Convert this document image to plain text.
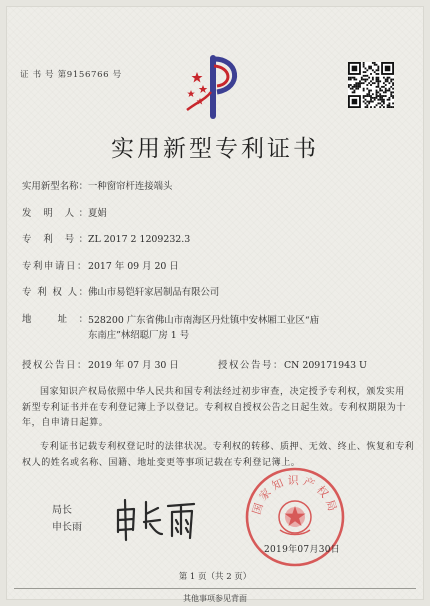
证 书 号 第9156766 号
实用新型专利证书
实用新型名称：一种窗帘杆连接端头
发 明 人：夏娟
专 利 号：ZL 2017 2 1209232.3
专利申请日：2017 年 09 月 20 日
专 利 权 人：佛山市易铠轩家居制品有限公司
地 址： 528200 广东省佛山市南海区丹灶镇中安林厢工业区“庙
东南庄”林绍聪厂房 1 号
授权公告日：2019 年 07 月 30 日	授权公告号：CN 209171943 U
国家知识产权局依照中华人民共和国专利法经过初步审查，决定授予专利权，颁发实用
新型专利证书并在专利登记簿上予以登记。专利权自授权公告之日起生效。专利权期限为十
年，自申请日起算。
专利证书记载专利权登记时的法律状况。专利权的转移、质押、无效、终止、恢复和专利
权人的姓名或名称、国籍、地址变更等事项记载在专利登记簿上。
局长
申长雨
国家知识产权局
2019年07月30日
第 1 页（共 2 页）
其他事项参见背面
